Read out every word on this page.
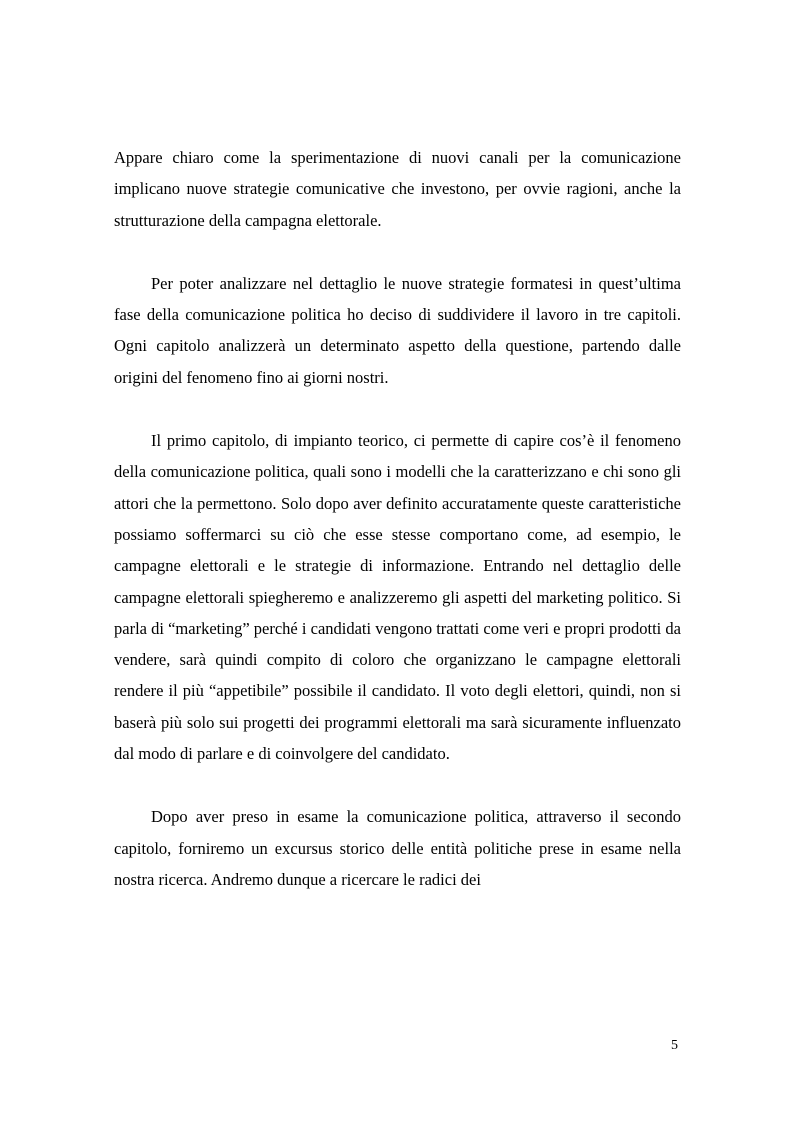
Appare chiaro come la sperimentazione di nuovi canali per la comunicazione implicano nuove strategie comunicative che investono, per ovvie ragioni, anche la strutturazione della campagna elettorale.

Per poter analizzare nel dettaglio le nuove strategie formatesi in quest’ultima fase della comunicazione politica ho deciso di suddividere il lavoro in tre capitoli. Ogni capitolo analizzerà un determinato aspetto della questione, partendo dalle origini del fenomeno fino ai giorni nostri.

Il primo capitolo, di impianto teorico, ci permette di capire cos’è il fenomeno della comunicazione politica, quali sono i modelli che la caratterizzano e chi sono gli attori che la permettono. Solo dopo aver definito accuratamente queste caratteristiche possiamo soffermarci su ciò che esse stesse comportano come, ad esempio, le campagne elettorali e le strategie di informazione. Entrando nel dettaglio delle campagne elettorali spiegheremo e analizzeremo gli aspetti del marketing politico. Si parla di “marketing” perché i candidati vengono trattati come veri e propri prodotti da vendere, sarà quindi compito di coloro che organizzano le campagne elettorali rendere il più “appetibile” possibile il candidato. Il voto degli elettori, quindi, non si baserà più solo sui progetti dei programmi elettorali ma sarà sicuramente influenzato dal modo di parlare e di coinvolgere del candidato.

Dopo aver preso in esame la comunicazione politica, attraverso il secondo capitolo, forniremo un excursus storico delle entità politiche prese in esame nella nostra ricerca. Andremo dunque a ricercare le radici dei

5
